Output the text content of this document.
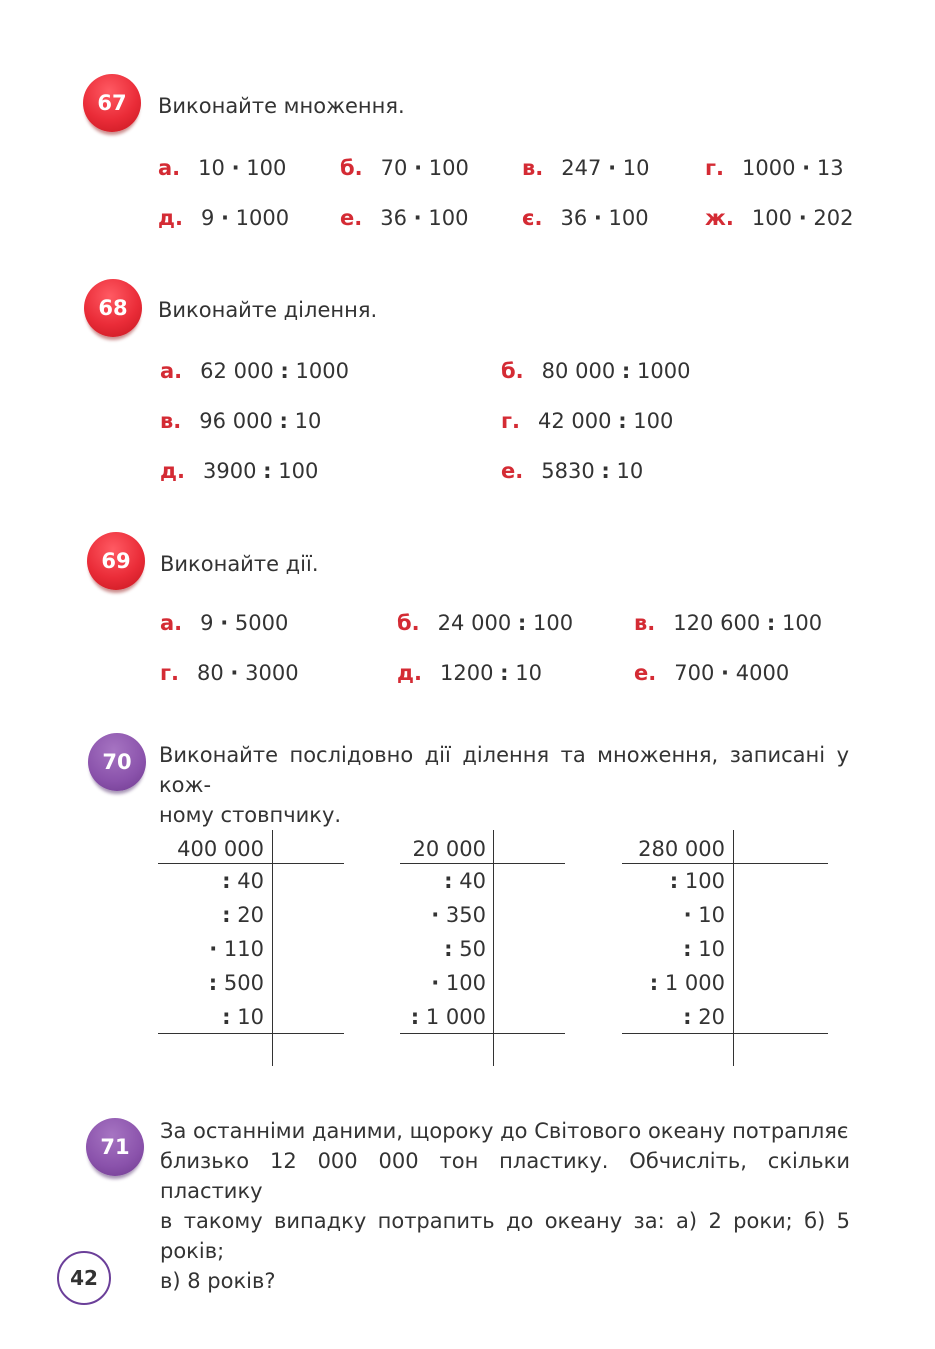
67 Виконайте множення.
а. 10 · 100	б. 70 · 100	в. 247 · 10	г. 1000 · 13
д. 9 · 1000 е. 36 · 100	є. 36 · 100	ж. 100 · 202
68 Виконайте ділення.
а. 62 000 : 1000	б. 80 000 : 1000
в. 96 000 : 10	г. 42 000 : 100
д. 3900 : 100	е. 5830 : 10
69 Виконайте дії.
а. 9 · 5000	б. 24 000 : 100	в. 120 600 : 100
г. 80 · 3000	д. 1200 : 10	е. 700 · 4000
70 Виконайте послідовно дії ділення та множення, записані у кож-
ному стовпчику.
400 000
: 40
: 20
· 110
: 500
: 10
20 000
: 40
· 350
: 50
· 100
: 1 000
280 000
: 100
· 10
: 10
: 1 000
: 20
71
За останніми даними, щороку до Світового океану потрапляє
близько 12 000 000 тон пластику. Обчисліть, скільки пластику
в такому випадку потрапить до океану за: а) 2 роки; б) 5 років;
в) 8 років?
42
